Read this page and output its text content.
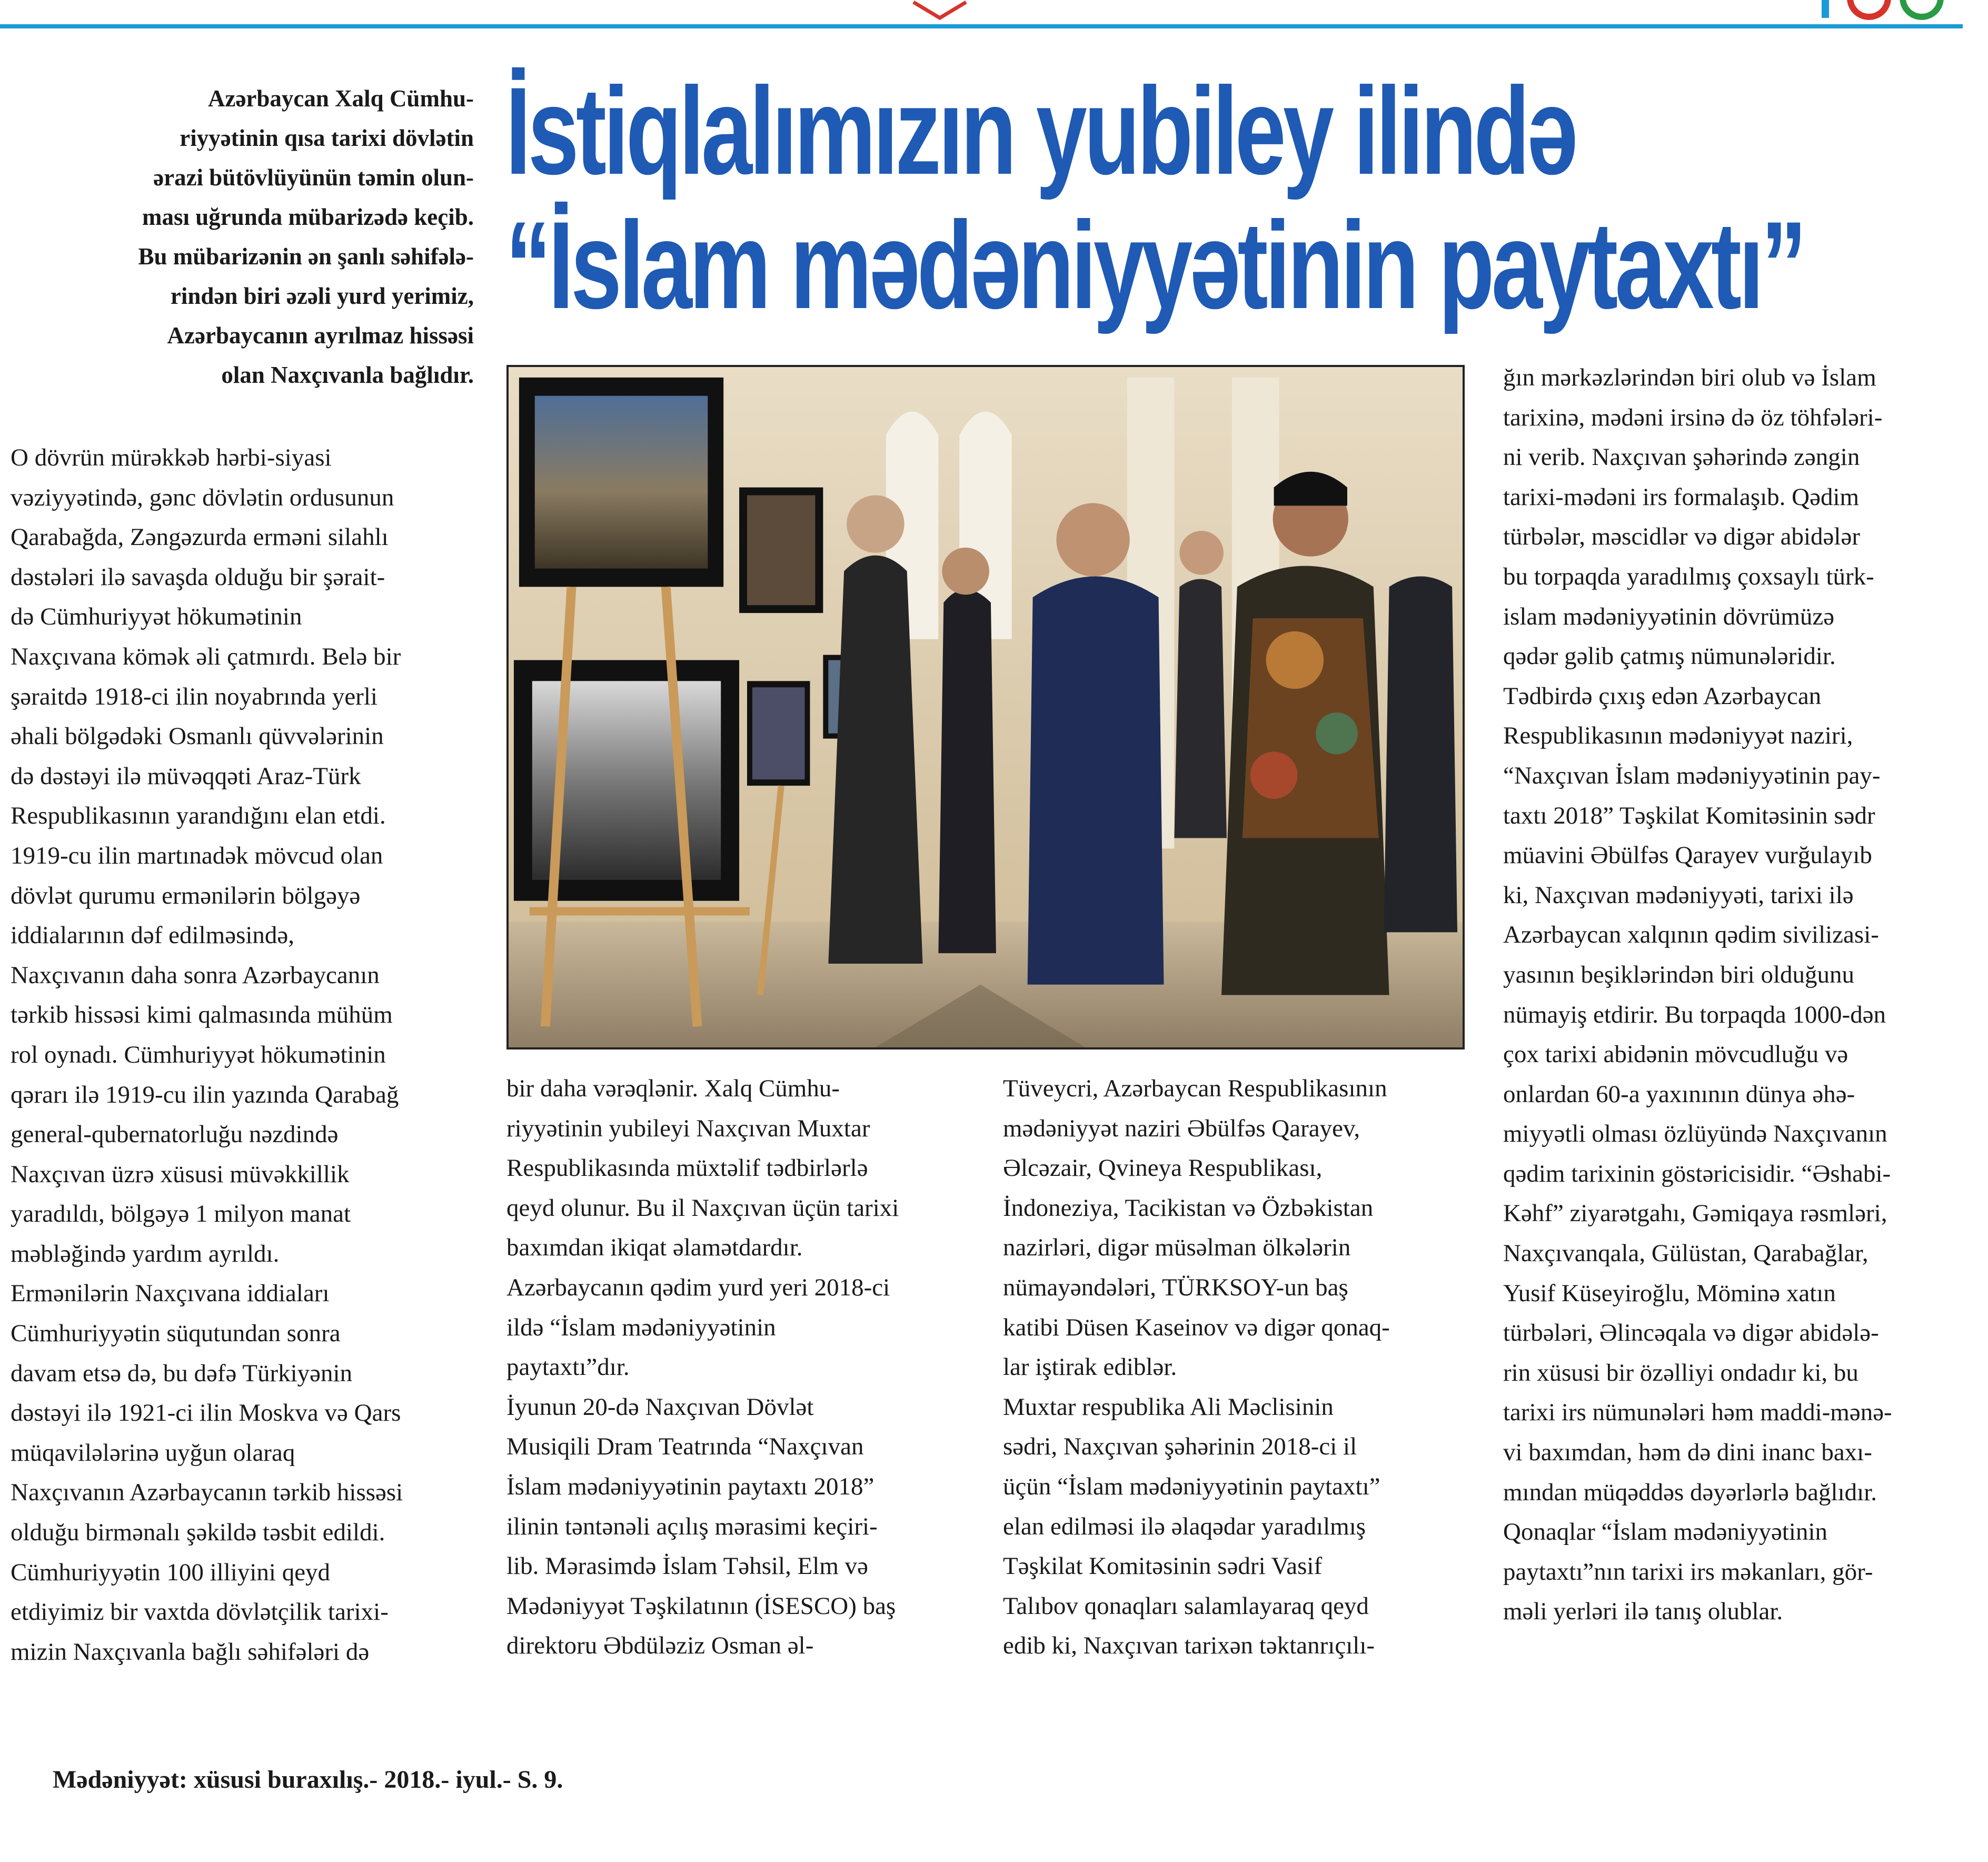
Azərbaycan Xalq Cümhu-
riyyətinin qısa tarixi dövlətin
ərazi bütövlüyünün təmin olun-
ması uğrunda mübarizədə keçib.
Bu mübarizənin ən şanlı səhifələ-
rindən biri əzəli yurd yerimiz,
Azərbaycanın ayrılmaz hissəsi
olan Naxçıvanla bağlıdır.

İstiqlalımızın yubiley ilində
“İslam mədəniyyətinin paytaxtı”

O dövrün mürəkkəb hərbi-siyasi
vəziyyətində, gənc dövlətin ordusunun
Qarabağda, Zəngəzurda erməni silahlı
dəstələri ilə savaşda olduğu bir şərait-
də Cümhuriyyət hökumətinin
Naxçıvana kömək əli çatmırdı. Belə bir
şəraitdə 1918-ci ilin noyabrında yerli
əhali bölgədəki Osmanlı qüvvələrinin
də dəstəyi ilə müvəqqəti Araz-Türk
Respublikasının yarandığını elan etdi.
1919-cu ilin martınadək mövcud olan
dövlət qurumu ermənilərin bölgəyə
iddialarının dəf edilməsində,
Naxçıvanın daha sonra Azərbaycanın
tərkib hissəsi kimi qalmasında mühüm
rol oynadı. Cümhuriyyət hökumətinin
qərarı ilə 1919-cu ilin yazında Qarabağ
general-qubernatorluğu nəzdində
Naxçıvan üzrə xüsusi müvəkkillik
yaradıldı, bölgəyə 1 milyon manat
məbləğində yardım ayrıldı.
Ermənilərin Naxçıvana iddiaları
Cümhuriyyətin süqutundan sonra
davam etsə də, bu dəfə Türkiyənin
dəstəyi ilə 1921-ci ilin Moskva və Qars
müqavilələrinə uyğun olaraq
Naxçıvanın Azərbaycanın tərkib hissəsi
olduğu birmənalı şəkildə təsbit edildi.
Cümhuriyyətin 100 illiyini qeyd
etdiyimiz bir vaxtda dövlətçilik tarixi-
mizin Naxçıvanla bağlı səhifələri də

bir daha vərəqlənir. Xalq Cümhu-
riyyətinin yubileyi Naxçıvan Muxtar
Respublikasında müxtəlif tədbirlərlə
qeyd olunur. Bu il Naxçıvan üçün tarixi
baxımdan ikiqat əlamətdardır.
Azərbaycanın qədim yurd yeri 2018-ci
ildə “İslam mədəniyyətinin
paytaxtı”dır.
İyunun 20-də Naxçıvan Dövlət
Musiqili Dram Teatrında “Naxçıvan
İslam mədəniyyətinin paytaxtı 2018”
ilinin təntənəli açılış mərasimi keçiri-
lib. Mərasimdə İslam Təhsil, Elm və
Mədəniyyət Təşkilatının (İSESCO) baş
direktoru Əbdüləziz Osman əl-

Tüveycri, Azərbaycan Respublikasının
mədəniyyət naziri Əbülfəs Qarayev,
Əlcəzair, Qvineya Respublikası,
İndoneziya, Tacikistan və Özbəkistan
nazirləri, digər müsəlman ölkələrin
nümayəndələri, TÜRKSOY-un baş
katibi Düsen Kaseinov və digər qonaq-
lar iştirak ediblər.
Muxtar respublika Ali Məclisinin
sədri, Naxçıvan şəhərinin 2018-ci il
üçün “İslam mədəniyyətinin paytaxtı”
elan edilməsi ilə əlaqədar yaradılmış
Təşkilat Komitəsinin sədri Vasif
Talıbov qonaqları salamlayaraq qeyd
edib ki, Naxçıvan tarixən təktanrıçılı-

ğın mərkəzlərindən biri olub və İslam
tarixinə, mədəni irsinə də öz töhfələri-
ni verib. Naxçıvan şəhərində zəngin
tarixi-mədəni irs formalaşıb. Qədim
türbələr, məscidlər və digər abidələr
bu torpaqda yaradılmış çoxsaylı türk-
islam mədəniyyətinin dövrümüzə
qədər gəlib çatmış nümunələridir.
Tədbirdə çıxış edən Azərbaycan
Respublikasının mədəniyyət naziri,
“Naxçıvan İslam mədəniyyətinin pay-
taxtı 2018” Təşkilat Komitəsinin sədr
müavini Əbülfəs Qarayev vurğulayıb
ki, Naxçıvan mədəniyyəti, tarixi ilə
Azərbaycan xalqının qədim sivilizasi-
yasının beşiklərindən biri olduğunu
nümayiş etdirir. Bu torpaqda 1000-dən
çox tarixi abidənin mövcudluğu və
onlardan 60-a yaxınının dünya əhə-
miyyətli olması özlüyündə Naxçıvanın
qədim tarixinin göstəricisidir. “Əshabi-
Kəhf” ziyarətgahı, Gəmiqaya rəsmləri,
Naxçıvanqala, Gülüstan, Qarabağlar,
Yusif Küseyiroğlu, Möminə xatın
türbələri, Əlincəqala və digər abidələ-
rin xüsusi bir özəlliyi ondadır ki, bu
tarixi irs nümunələri həm maddi-mənə-
vi baxımdan, həm də dini inanc baxı-
mından müqəddəs dəyərlərlə bağlıdır.
Qonaqlar “İslam mədəniyyətinin
paytaxtı”nın tarixi irs məkanları, gör-
məli yerləri ilə tanış olublar.

Mədəniyyət: xüsusi buraxılış.- 2018.- iyul.- S. 9.
